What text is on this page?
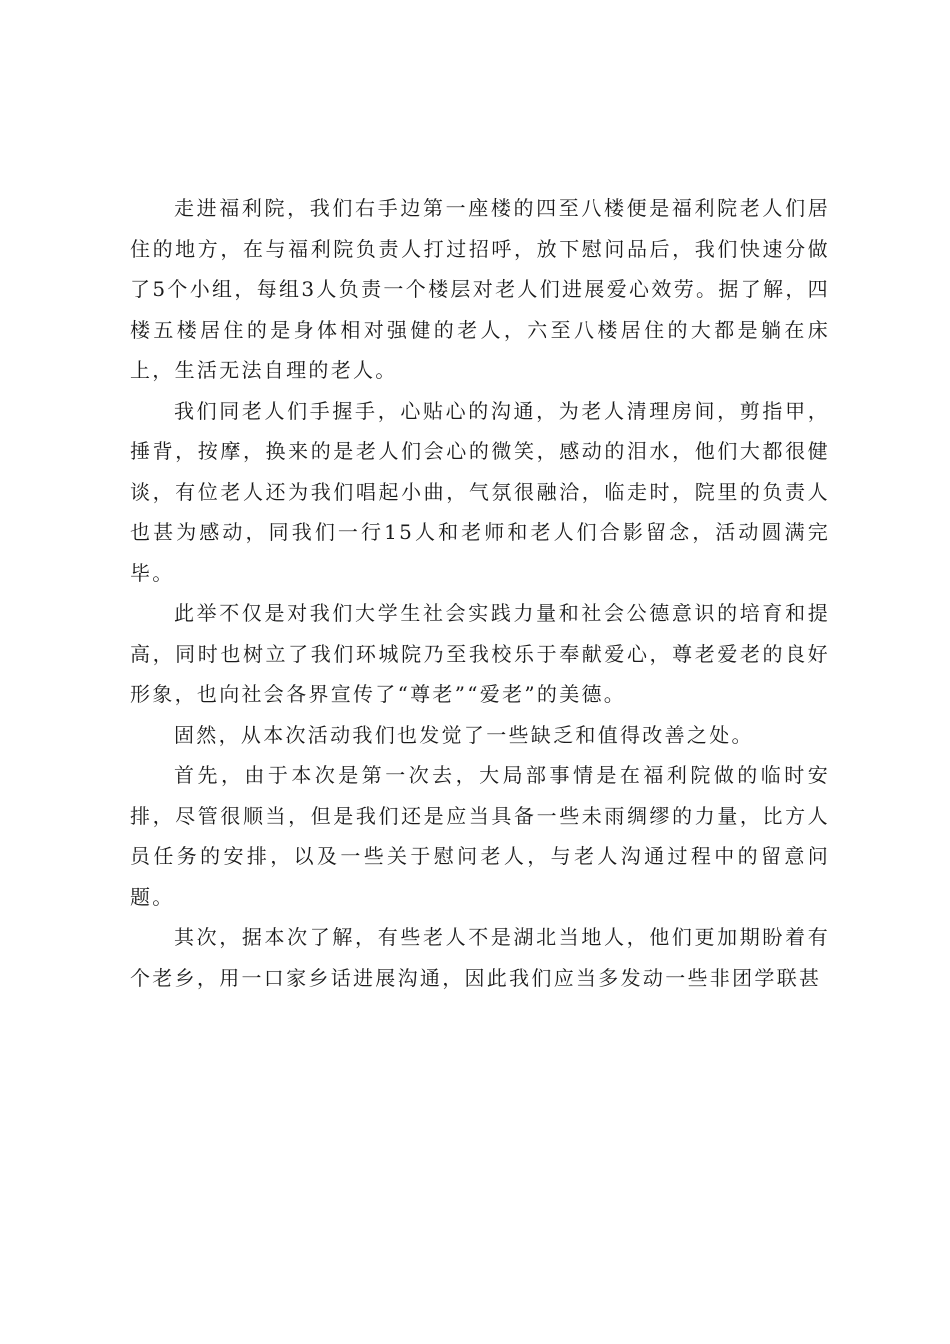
走进福利院，我们右手边第一座楼的四至八楼便是福利院老人们居住的地方，在与福利院负责人打过招呼，放下慰问品后，我们快速分做了5个小组，每组3人负责一个楼层对老人们进展爱心效劳。据了解，四楼五楼居住的是身体相对强健的老人，六至八楼居住的大都是躺在床上，生活无法自理的老人。

我们同老人们手握手，心贴心的沟通，为老人清理房间，剪指甲，捶背，按摩，换来的是老人们会心的微笑，感动的泪水，他们大都很健谈，有位老人还为我们唱起小曲，气氛很融洽，临走时，院里的负责人也甚为感动，同我们一行15人和老师和老人们合影留念，活动圆满完毕。

此举不仅是对我们大学生社会实践力量和社会公德意识的培育和提高，同时也树立了我们环城院乃至我校乐于奉献爱心，尊老爱老的良好形象，也向社会各界宣传了“尊老”“爱老”的美德。

固然，从本次活动我们也发觉了一些缺乏和值得改善之处。

首先，由于本次是第一次去，大局部事情是在福利院做的临时安排，尽管很顺当，但是我们还是应当具备一些未雨绸缪的力量，比方人员任务的安排，以及一些关于慰问老人，与老人沟通过程中的留意问题。

其次，据本次了解，有些老人不是湖北当地人，他们更加期盼着有个老乡，用一口家乡话进展沟通，因此我们应当多发动一些非团学联甚
